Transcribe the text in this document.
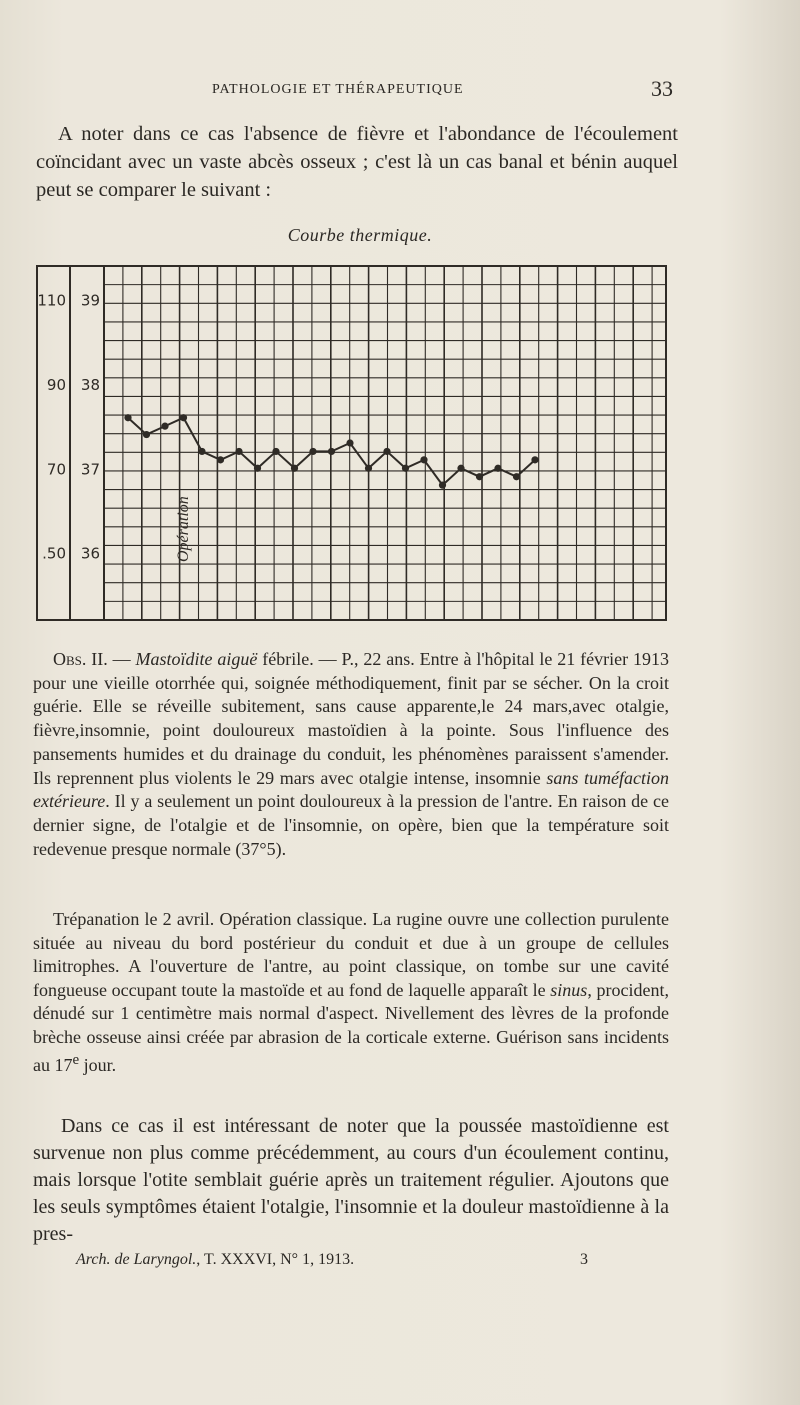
PATHOLOGIE ET THÉRAPEUTIQUE	33

A noter dans ce cas l'absence de fièvre et l'abondance de l'écoulement coïncidant avec un vaste abcès osseux ; c'est là un cas banal et bénin auquel peut se comparer le suivant :

Courbe thermique.
39
110
38
90
37
70
36
.50	Opération

Obs. II. — Mastoïdite aiguë fébrile. — P., 22 ans. Entre à l'hôpital le 21 février 1913 pour une vieille otorrhée qui, soignée méthodiquement, finit par se sécher. On la croit guérie. Elle se réveille subitement, sans cause apparente,le 24 mars,avec otalgie, fièvre,insomnie, point douloureux mastoïdien à la pointe. Sous l'influence des pansements humides et du drainage du conduit, les phénomènes paraissent s'amender. Ils reprennent plus violents le 29 mars avec otalgie intense, insomnie sans tuméfaction extérieure. Il y a seulement un point douloureux à la pression de l'antre. En raison de ce dernier signe, de l'otalgie et de l'insomnie, on opère, bien que la température soit redevenue presque normale (37°5).

Trépanation le 2 avril. Opération classique. La rugine ouvre une collection purulente située au niveau du bord postérieur du conduit et due à un groupe de cellules limitrophes. A l'ouverture de l'antre, au point classique, on tombe sur une cavité fongueuse occupant toute la mastoïde et au fond de laquelle apparaît le sinus, procident, dénudé sur 1 centimètre mais normal d'aspect. Nivellement des lèvres de la profonde brèche osseuse ainsi créée par abrasion de la corticale externe. Guérison sans incidents au 17e jour.

Dans ce cas il est intéressant de noter que la poussée mastoïdienne est survenue non plus comme précédemment, au cours d'un écoulement continu, mais lorsque l'otite semblait guérie après un traitement régulier. Ajoutons que les seuls symptômes étaient l'otalgie, l'insomnie et la douleur mastoïdienne à la pres-

Arch. de Laryngol., T. XXXVI, N° 1, 1913.	3
